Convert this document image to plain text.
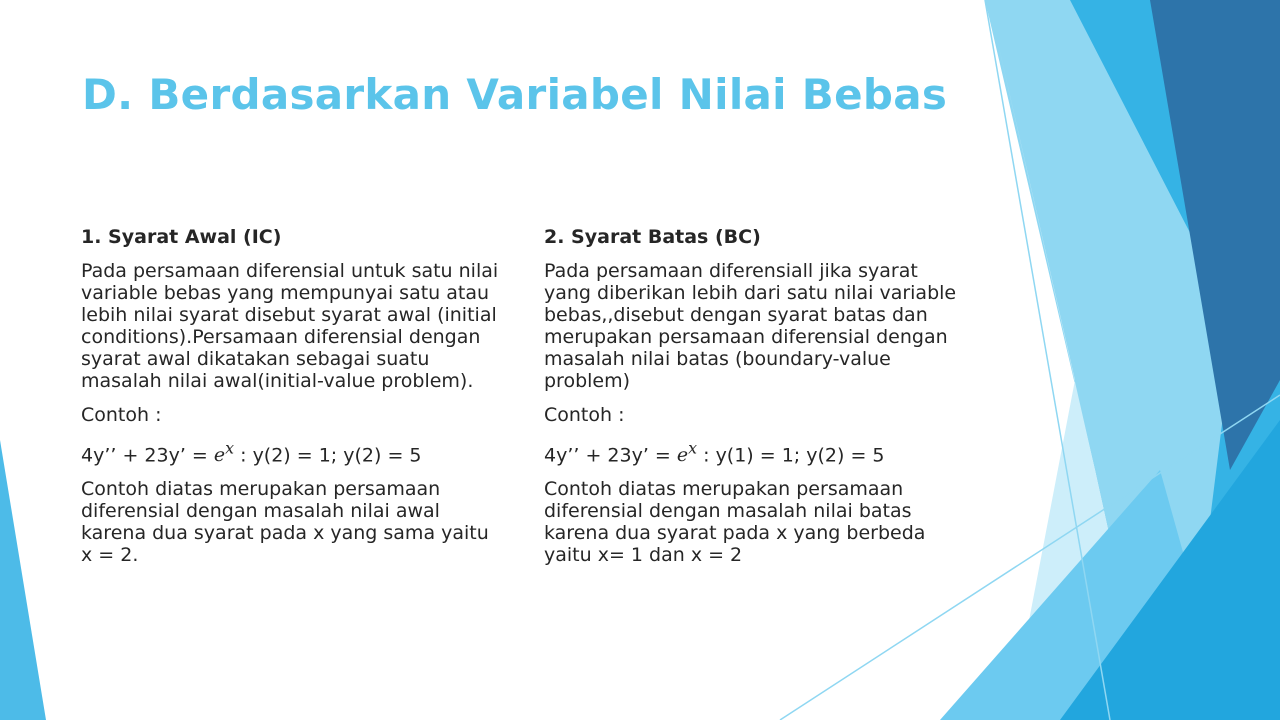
D. Berdasarkan Variabel Nilai Bebas
1. Syarat Awal (IC)

Pada persamaan diferensial untuk satu nilai variable bebas yang mempunyai satu atau lebih nilai syarat disebut syarat awal (initial conditions).Persamaan diferensial dengan syarat awal dikatakan sebagai suatu masalah nilai awal(initial-value problem).

Contoh :

4y’’ + 23y’ = $e^x$ : y(2) = 1; y(2) = 5

Contoh diatas merupakan persamaan diferensial dengan masalah nilai awal karena dua syarat pada x yang sama yaitu x = 2.

2. Syarat Batas (BC)

Pada persamaan diferensiall jika syarat yang diberikan lebih dari satu nilai variable bebas,,disebut dengan syarat batas dan merupakan persamaan diferensial dengan masalah nilai batas (boundary-value problem)

Contoh :

4y’’ + 23y’ = $e^x$ : y(1) = 1; y(2) = 5

Contoh diatas merupakan persamaan diferensial dengan masalah nilai batas karena dua syarat pada x yang berbeda yaitu x= 1 dan x = 2
